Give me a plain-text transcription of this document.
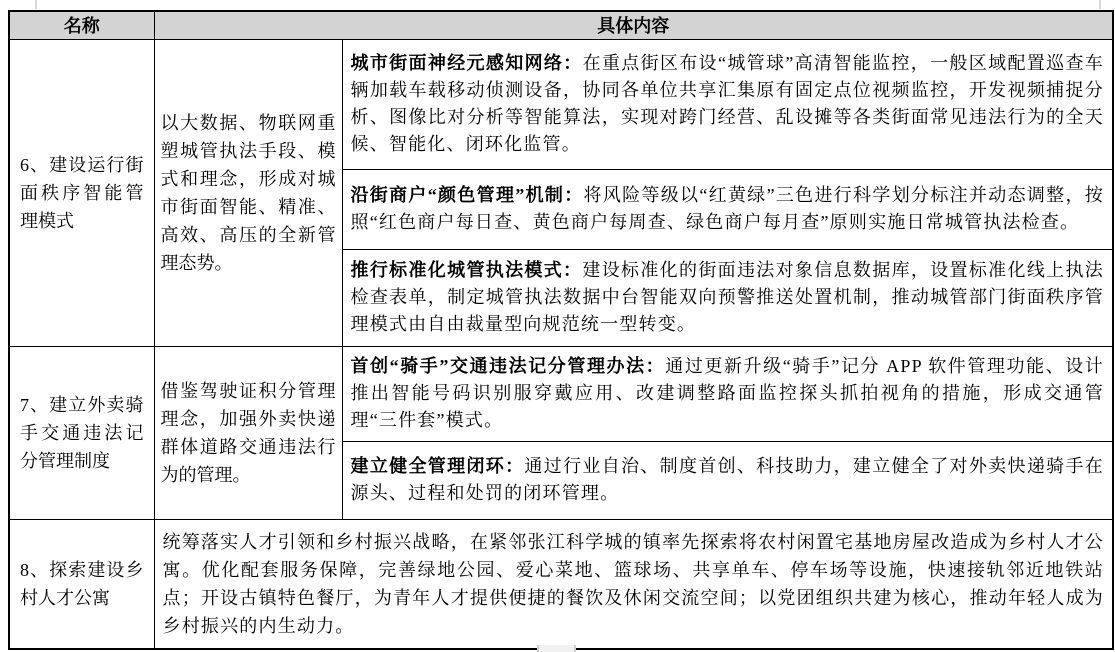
名称	具体内容	
6、建设运行街面秩序智能管理模式	以大数据、物联网重塑城管执法手段、模式和理念，形成对城市街面智能、精准、高效、高压的全新管理态势。	城市街面神经元感知网络：在重点街区布设“城管球”高清智能监控，一般区域配置巡查车辆加载车载移动侦测设备，协同各单位共享汇集原有固定点位视频监控，开发视频捕捉分析、图像比对分析等智能算法，实现对跨门经营、乱设摊等各类街面常见违法行为的全天候、智能化、闭环化监管。
		沿街商户“颜色管理”机制：将风险等级以“红黄绿”三色进行科学划分标注并动态调整，按照“红色商户每日查、黄色商户每周查、绿色商户每月查”原则实施日常城管执法检查。
		推行标准化城管执法模式：建设标准化的街面违法对象信息数据库，设置标准化线上执法检查表单，制定城管执法数据中台智能双向预警推送处置机制，推动城管部门街面秩序管理模式由自由裁量型向规范统一型转变。
7、建立外卖骑手交通违法记分管理制度	借鉴驾驶证积分管理理念，加强外卖快递群体道路交通违法行为的管理。	首创“骑手”交通违法记分管理办法：通过更新升级“骑手”记分 APP 软件管理功能、设计推出智能号码识别服穿戴应用、改建调整路面监控探头抓拍视角的措施，形成交通管理“三件套”模式。
		建立健全管理闭环：通过行业自治、制度首创、科技助力，建立健全了对外卖快递骑手在源头、过程和处罚的闭环管理。
8、探索建设乡村人才公寓	统筹落实人才引领和乡村振兴战略，在紧邻张江科学城的镇率先探索将农村闲置宅基地房屋改造成为乡村人才公寓。优化配套服务保障，完善绿地公园、爱心菜地、篮球场、共享单车、停车场等设施，快速接轨邻近地铁站点；开设古镇特色餐厅，为青年人才提供便捷的餐饮及休闲交流空间；以党团组织共建为核心，推动年轻人成为乡村振兴的内生动力。	
